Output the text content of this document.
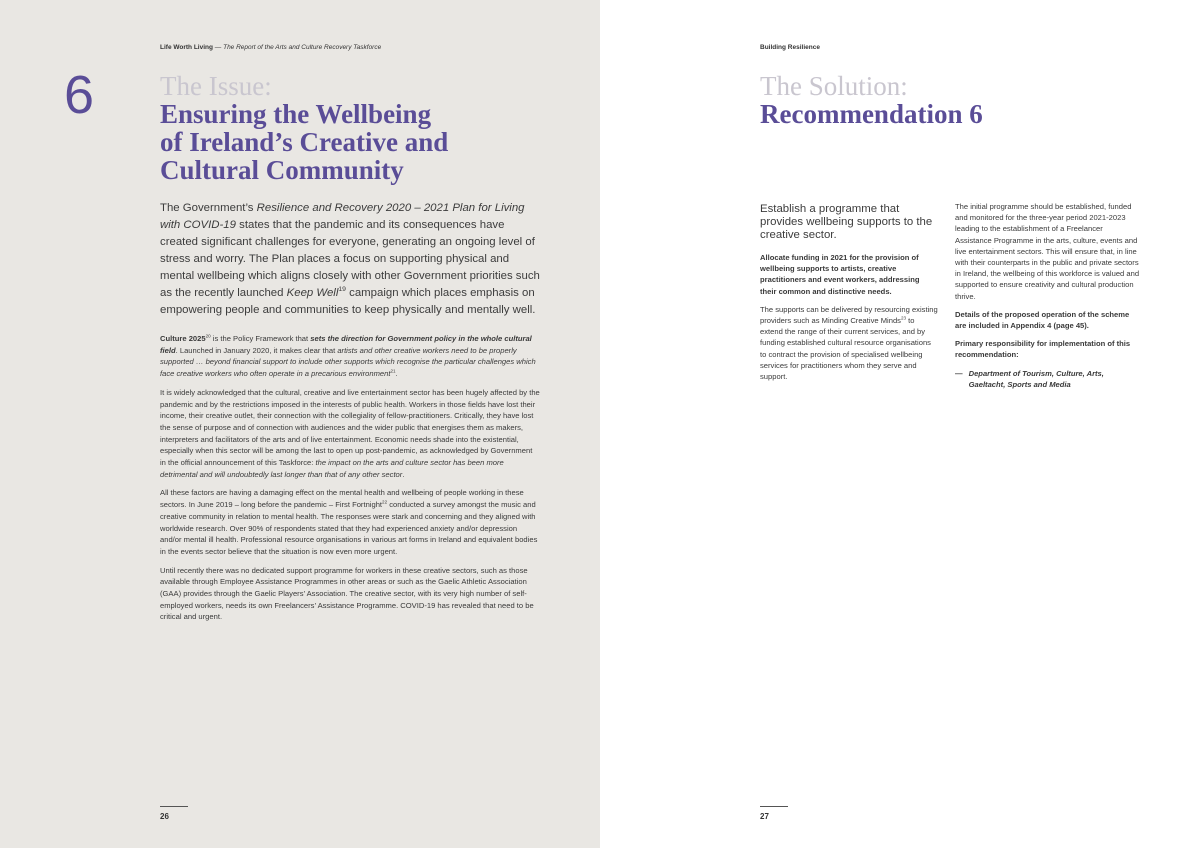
Life Worth Living — The Report of the Arts and Culture Recovery Taskforce
6 The Issue:
Ensuring the Wellbeing
of Ireland’s Creative and
Cultural Community
The Government’s Resilience and Recovery 2020 – 2021 Plan for Living with COVID-19 states that the pandemic and its consequences have created significant challenges for everyone, generating an ongoing level of stress and worry. The Plan places a focus on supporting physical and mental wellbeing which aligns closely with other Government priorities such as the recently launched Keep Well$^{19}$ campaign which places emphasis on empowering people and communities to keep physically and mentally well.

Culture 2025$^{20}$ is the Policy Framework that sets the direction for Government policy in the whole cultural field. Launched in January 2020, it makes clear that artists and other creative workers need to be properly supported … beyond financial support to include other supports which recognise the particular challenges which face creative workers who often operate in a precarious environment$^{21}$.

It is widely acknowledged that the cultural, creative and live entertainment sector has been hugely affected by the pandemic and by the restrictions imposed in the interests of public health. Workers in those fields have lost their income, their creative outlet, their connection with the collegiality of fellow-practitioners. Critically, they have lost the sense of purpose and of connection with audiences and the wider public that energises them as makers, interpreters and facilitators of the arts and of live entertainment. Economic needs shade into the existential, especially when this sector will be among the last to open up post-pandemic, as acknowledged by Government in the official announcement of this Taskforce: the impact on the arts and culture sector has been more detrimental and will undoubtedly last longer than that of any other sector.

All these factors are having a damaging effect on the mental health and wellbeing of people working in these sectors. In June 2019 – long before the pandemic – First Fortnight$^{22}$ conducted a survey amongst the music and creative community in relation to mental health. The responses were stark and concerning and they aligned with worldwide research. Over 90% of respondents stated that they had experienced anxiety and/or depression and/or mental ill health. Professional resource organisations in various art forms in Ireland and equivalent bodies in the events sector believe that the situation is now even more urgent.

Until recently there was no dedicated support programme for workers in these creative sectors, such as those available through Employee Assistance Programmes in other areas or such as the Gaelic Athletic Association (GAA) provides through the Gaelic Players’ Association. The creative sector, with its very high number of self-employed workers, needs its own Freelancers’ Assistance Programme. COVID-19 has revealed that need to be critical and urgent.

26
Building Resilience
The Solution:
Recommendation 6
Establish a programme that provides wellbeing supports to the creative sector.

Allocate funding in 2021 for the provision of wellbeing supports to artists, creative practitioners and event workers, addressing their common and distinctive needs.

The supports can be delivered by resourcing existing providers such as Minding Creative Minds$^{23}$ to extend the range of their current services, and by funding established cultural resource organisations to contract the provision of specialised wellbeing services for practitioners whom they serve and support.

The initial programme should be established, funded and monitored for the three-year period 2021-2023 leading to the establishment of a Freelancer Assistance Programme in the arts, culture, events and live entertainment sectors. This will ensure that, in line with their counterparts in the public and private sectors in Ireland, the wellbeing of this workforce is valued and supported to ensure creativity and cultural production thrive.

Details of the proposed operation of the scheme are included in Appendix 4 (page 45).

Primary responsibility for implementation of this recommendation:

— Department of Tourism, Culture, Arts, Gaeltacht, Sports and Media
27
